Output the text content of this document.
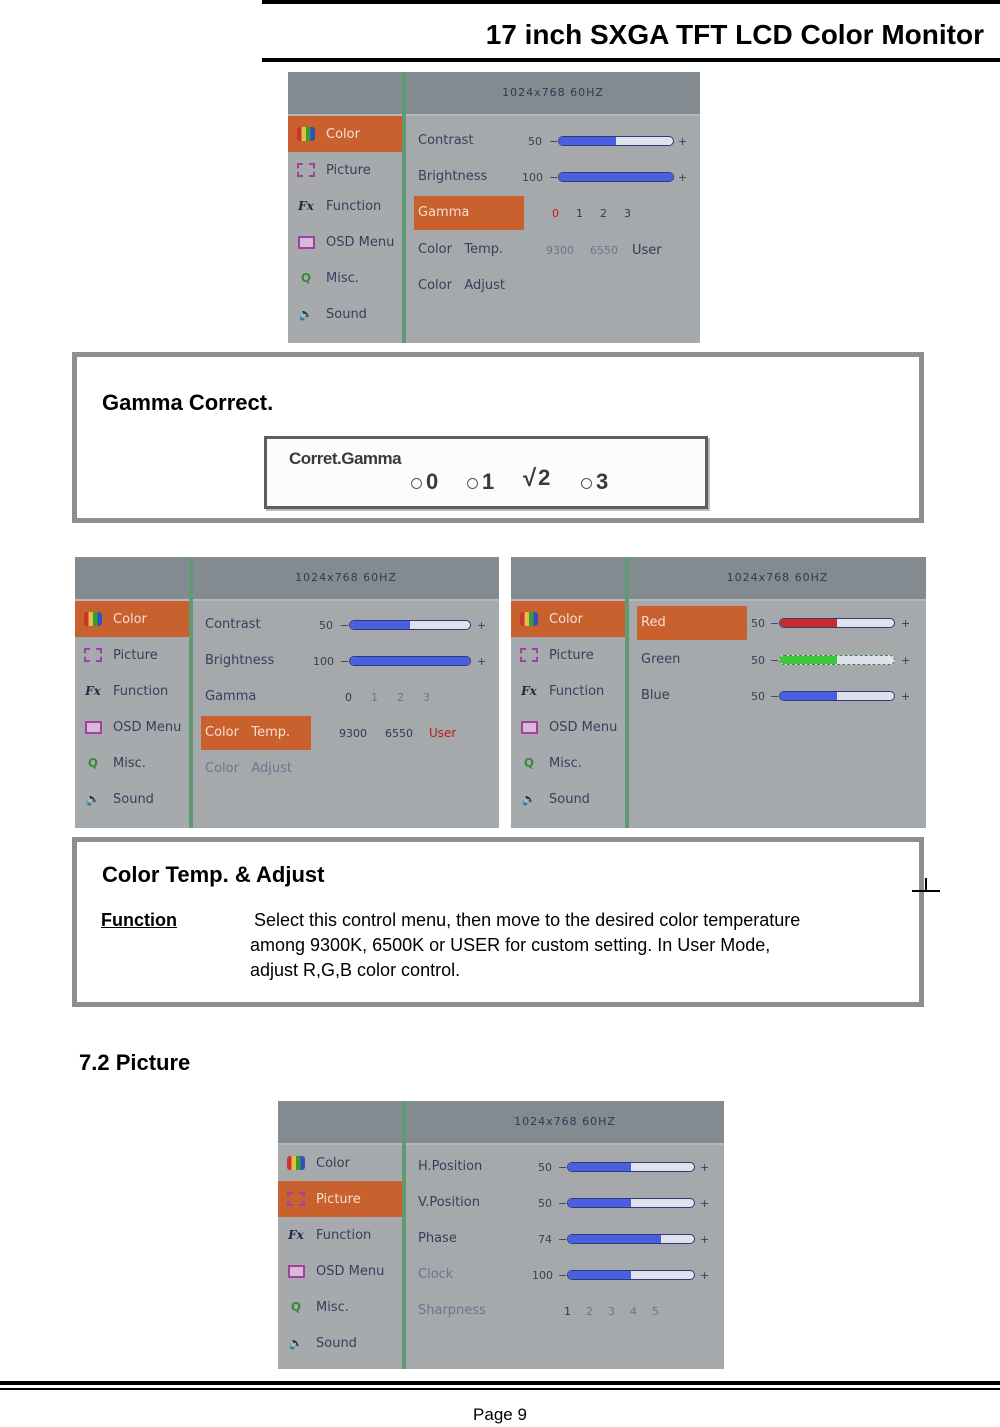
17 inch SXGA TFT LCD Color Monitor
Color
Picture
Fx Function
OSD Menu
Q Misc.
🔈 Sound
1024x768 60HZ
Contrast	50 −	+
Brightness	100 −	+
Gamma	0 1 2 3
Color Temp.	9300 6550 User
Color Adjust
Gamma Correct.
Corret.Gamma
0	1 √2	3
Color
Picture
Fx Function
OSD Menu
Q Misc.
🔈 Sound
1024x768 60HZ
Contrast	50 −	+
Brightness	100 −	+
Gamma	0 1 2 3
Color Temp.	9300 6550 User
Color Adjust
Color
Picture
Fx Function
OSD Menu
Q Misc.
🔈 Sound
1024x768 60HZ
Red	50 −	+
Green	50 −	+
Blue	50 −	+
Color Temp. & Adjust
Function	Select this control menu, then move to the desired color temperature
among 9300K, 6500K or USER for custom setting. In User Mode,
adjust R,G,B color control.
7.2 Picture
Color
Picture
Fx Function
OSD Menu
Q Misc.
🔈 Sound
1024x768 60HZ
H.Position	50 −	+
V.Position	50 −	+
Phase	74 −	+
Clock	100 −	+
Sharpness	1 2 3 4 5
Page 9
